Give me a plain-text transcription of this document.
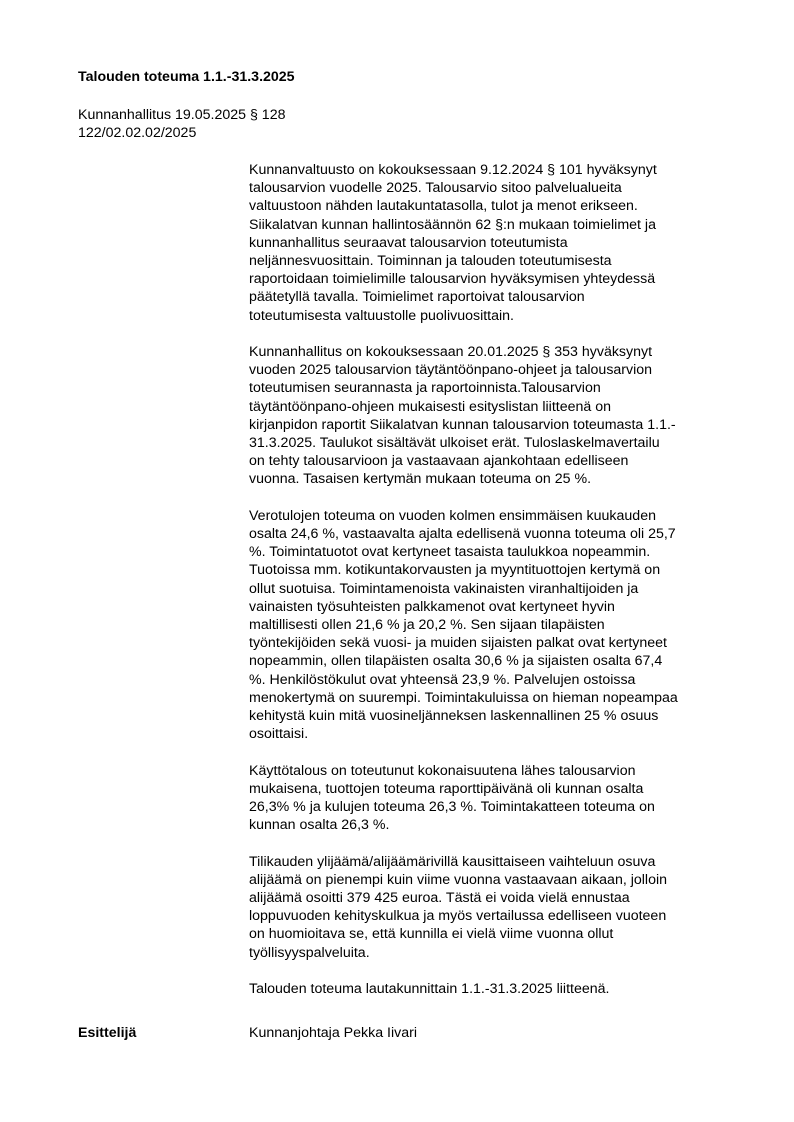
Talouden toteuma 1.1.-31.3.2025
Kunnanhallitus 19.05.2025 § 128
122/02.02.02/2025

Kunnanvaltuusto on kokouksessaan 9.12.2024 § 101 hyväksynyt
talousarvion vuodelle 2025. Talousarvio sitoo palvelualueita
valtuustoon nähden lautakuntatasolla, tulot ja menot erikseen.
Siikalatvan kunnan hallintosäännön 62 §:n mukaan toimielimet ja
kunnanhallitus seuraavat talousarvion toteutumista
neljännesvuosittain. Toiminnan ja talouden toteutumisesta
raportoidaan toimielimille talousarvion hyväksymisen yhteydessä
päätetyllä tavalla. Toimielimet raportoivat talousarvion
toteutumisesta valtuustolle puolivuosittain.

Kunnanhallitus on kokouksessaan 20.01.2025 § 353 hyväksynyt
vuoden 2025 talousarvion täytäntöönpano-ohjeet ja talousarvion
toteutumisen seurannasta ja raportoinnista.Talousarvion
täytäntöönpano-ohjeen mukaisesti esityslistan liitteenä on
kirjanpidon raportit Siikalatvan kunnan talousarvion toteumasta 1.1.-
31.3.2025. Taulukot sisältävät ulkoiset erät. Tuloslaskelmavertailu
on tehty talousarvioon ja vastaavaan ajankohtaan edelliseen
vuonna. Tasaisen kertymän mukaan toteuma on 25 %.

Verotulojen toteuma on vuoden kolmen ensimmäisen kuukauden
osalta 24,6 %, vastaavalta ajalta edellisenä vuonna toteuma oli 25,7
%. Toimintatuotot ovat kertyneet tasaista taulukkoa nopeammin.
Tuotoissa mm. kotikuntakorvausten ja myyntituottojen kertymä on
ollut suotuisa. Toimintamenoista vakinaisten viranhaltijoiden ja
vainaisten työsuhteisten palkkamenot ovat kertyneet hyvin
maltillisesti ollen 21,6 % ja 20,2 %. Sen sijaan tilapäisten
työntekijöiden sekä vuosi- ja muiden sijaisten palkat ovat kertyneet
nopeammin, ollen tilapäisten osalta 30,6 % ja sijaisten osalta 67,4
%. Henkilöstökulut ovat yhteensä 23,9 %. Palvelujen ostoissa
menokertymä on suurempi. Toimintakuluissa on hieman nopeampaa
kehitystä kuin mitä vuosineljänneksen laskennallinen 25 % osuus
osoittaisi.

Käyttötalous on toteutunut kokonaisuutena lähes talousarvion
mukaisena, tuottojen toteuma raporttipäivänä oli kunnan osalta
26,3% % ja kulujen toteuma 26,3 %. Toimintakatteen toteuma on
kunnan osalta 26,3 %.

Tilikauden ylijäämä/alijäämärivillä kausittaiseen vaihteluun osuva
alijäämä on pienempi kuin viime vuonna vastaavaan aikaan, jolloin
alijäämä osoitti 379 425 euroa. Tästä ei voida vielä ennustaa
loppuvuoden kehityskulkua ja myös vertailussa edelliseen vuoteen
on huomioitava se, että kunnilla ei vielä viime vuonna ollut
työllisyyspalveluita.

Talouden toteuma lautakunnittain 1.1.-31.3.2025 liitteenä.

Esittelijä	Kunnanjohtaja Pekka Iivari
